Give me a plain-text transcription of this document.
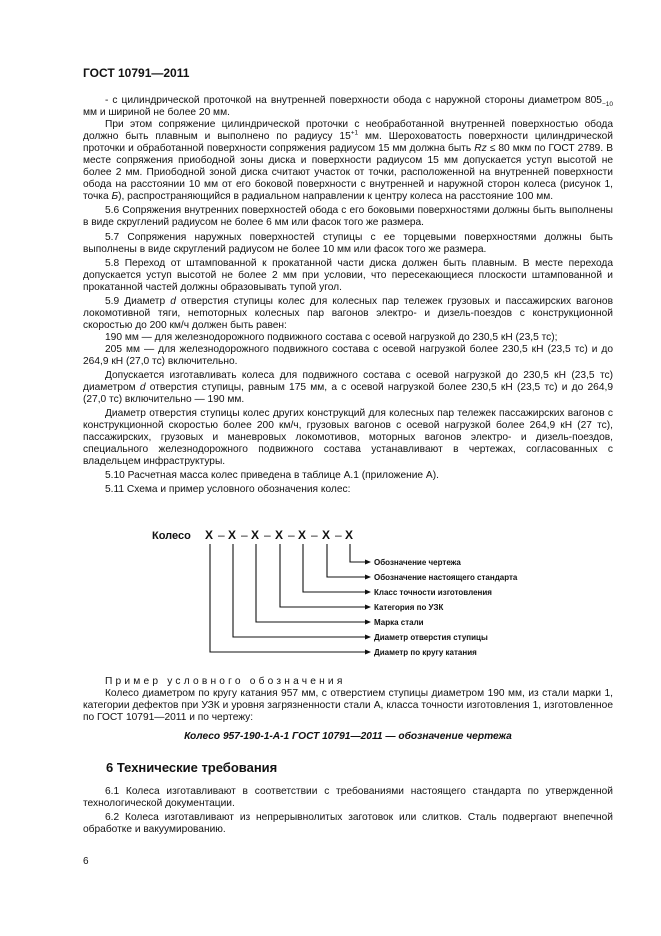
ГОСТ 10791—2011

- с цилиндрической проточкой на внутренней поверхности обода с наружной стороны диаметром $805_{-10}$ мм и шириной не более 20 мм.

При этом сопряжение цилиндрической проточки с необработанной внутренней поверхностью обода должно быть плавным и выполнено по радиусу $15^{+1}$ мм. Шероховатость поверхности цилиндрической проточки и обработанной поверхности сопряжения радиусом 15 мм должна быть Rz ≤ 80 мкм по ГОСТ 2789. В месте сопряжения приободной зоны диска и поверхности радиусом 15 мм допускается уступ высотой не более 2 мм. Приободной зоной диска считают участок от точки, расположенной на внутренней поверхности обода на расстоянии 10 мм от его боковой поверхности с внутренней и наружной сторон колеса (рисунок 1, точка Б), распространяющийся в радиальном направлении к центру колеса на расстояние 100 мм.

5.6 Сопряжения внутренних поверхностей обода с его боковыми поверхностями должны быть выполнены в виде скруглений радиусом не более 6 мм или фасок того же размера.

5.7 Сопряжения наружных поверхностей ступицы с ее торцевыми поверхностями должны быть выполнены в виде скруглений радиусом не более 10 мм или фасок того же размера.

5.8 Переход от штампованной к прокатанной части диска должен быть плавным. В месте перехода допускается уступ высотой не более 2 мм при условии, что пересекающиеся плоскости штампованной и прокатанной частей должны образовывать тупой угол.

5.9 Диаметр d отверстия ступицы колес для колесных пар тележек грузовых и пассажирских вагонов локомотивной тяги, неmоторных колесных пар вагонов электро- и дизель-поездов с конструкционной скоростью до 200 км/ч должен быть равен:

190 мм — для железнодорожного подвижного состава с осевой нагрузкой до 230,5 кН (23,5 тс);

205 мм — для железнодорожного подвижного состава с осевой нагрузкой более 230,5 кН (23,5 тс) и до 264,9 кН (27,0 тс) включительно.

Допускается изготавливать колеса для подвижного состава с осевой нагрузкой до 230,5 кН (23,5 тс) диаметром d отверстия ступицы, равным 175 мм, а с осевой нагрузкой более 230,5 кН (23,5 тс) и до 264,9 (27,0 тс) включительно — 190 мм.

Диаметр отверстия ступицы колес других конструкций для колесных пар тележек пассажирских вагонов с конструкционной скоростью более 200 км/ч, грузовых вагонов с осевой нагрузкой более 264,9 кН (27 тс), пассажирских, грузовых и маневровых локомотивов, моторных вагонов электро- и дизель-поездов, специального железнодорожного подвижного состава устанавливают в чертежах, согласованных с владельцем инфраструктуры.

5.10 Расчетная масса колес приведена в таблице А.1 (приложение А).

5.11 Схема и пример условного обозначения колес:

Колесо Х – Х – Х – Х – Х – Х – Х
Обозначение чертежа
Обозначение настоящего стандарта
Класс точности изготовления
Категория по УЗК
Марка стали
Диаметр отверстия ступицы
Диаметр по кругу катания
Пример условного обозначения

Колесо диаметром по кругу катания 957 мм, с отверстием ступицы диаметром 190 мм, из стали марки 1, категории дефектов при УЗК и уровня загрязненности стали А, класса точности изготовления 1, изготовленное по ГОСТ 10791—2011 и по чертежу:

Колесо 957-190-1-А-1 ГОСТ 10791—2011 — обозначение чертежа
6 Технические требования

6.1 Колеса изготавливают в соответствии с требованиями настоящего стандарта по утвержденной технологической документации.

6.2 Колеса изготавливают из непрерывнолитых заготовок или слитков. Сталь подвергают внепечной обработке и вакуумированию.

6
